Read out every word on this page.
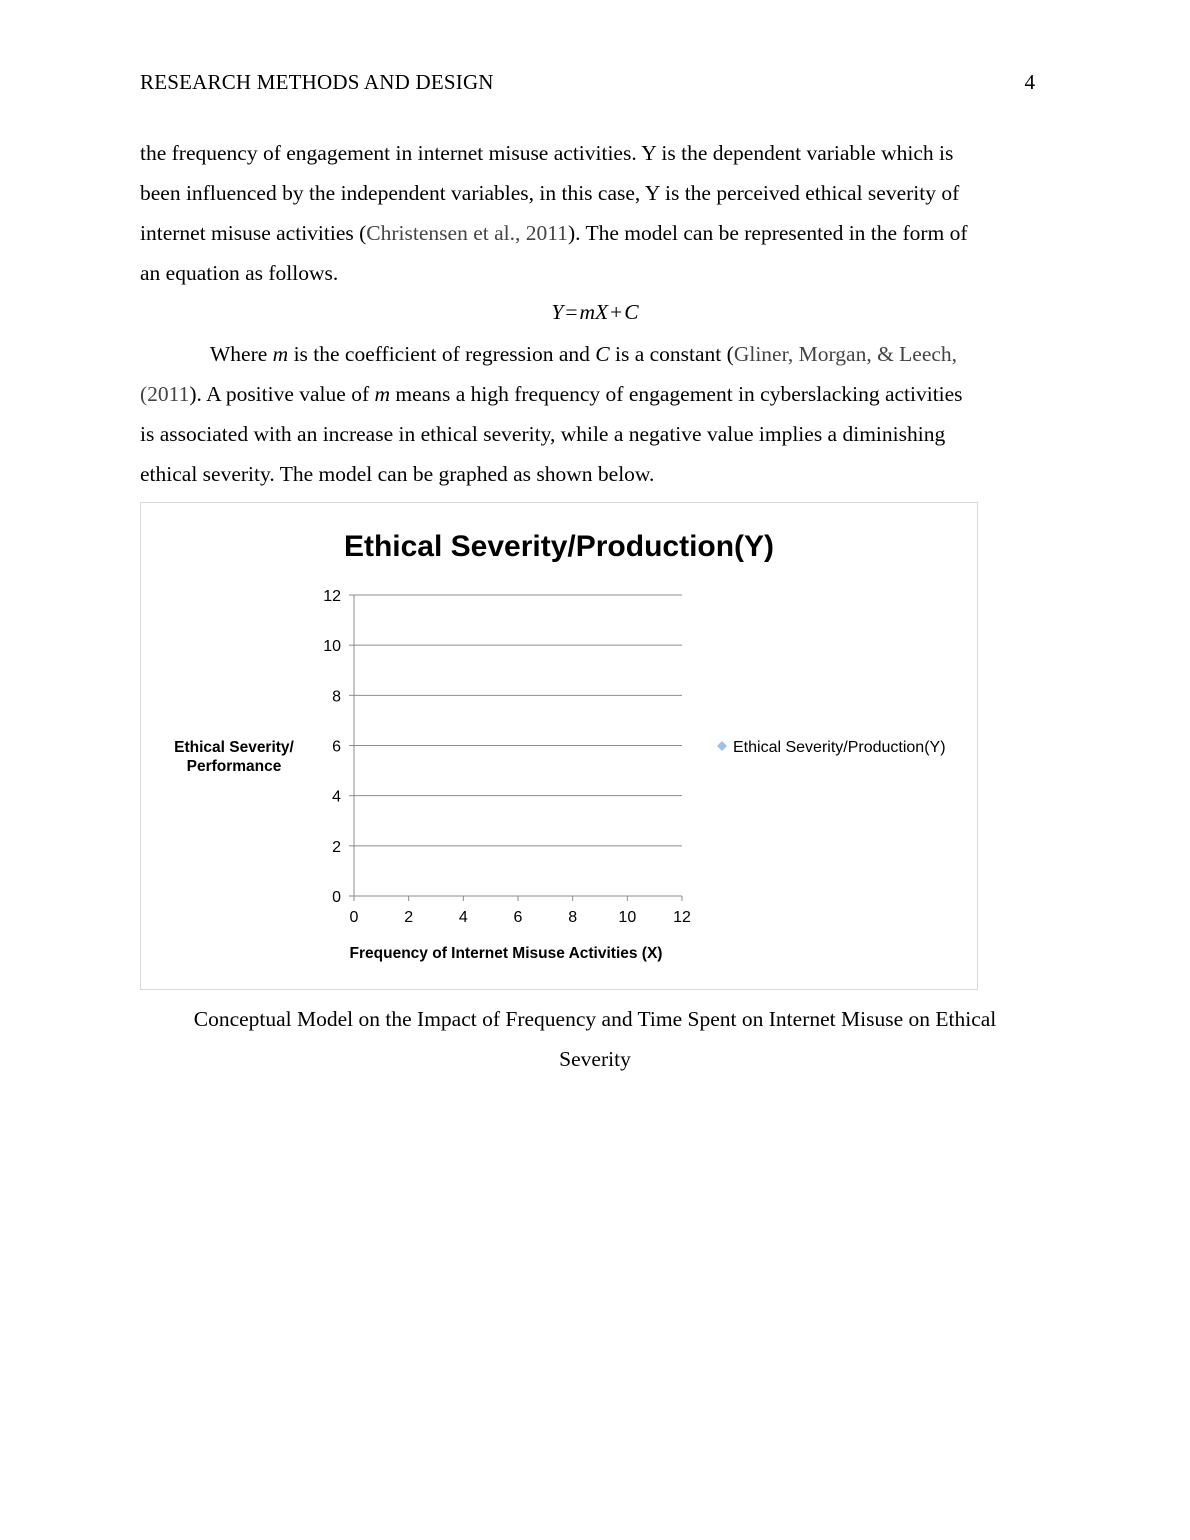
RESEARCH METHODS AND DESIGN	4
the frequency of engagement in internet misuse activities. Y is the dependent variable which is
been influenced by the independent variables, in this case, Y is the perceived ethical severity of
internet misuse activities (Christensen et al., 2011). The model can be represented in the form of
an equation as follows.
Y=mX+C
Where m is the coefficient of regression and C is a constant (Gliner, Morgan, & Leech,
(2011). A positive value of m means a high frequency of engagement in cyberslacking activities
is associated with an increase in ethical severity, while a negative value implies a diminishing
ethical severity. The model can be graphed as shown below.
Ethical Severity/Production(Y)
0
2
4
6
8
10
12
0	2	4	6	8	10 12
Ethical Severity/
Performance
Frequency of Internet Misuse Activities (X)
Ethical Severity/Production(Y)
Conceptual Model on the Impact of Frequency and Time Spent on Internet Misuse on Ethical
Severity
